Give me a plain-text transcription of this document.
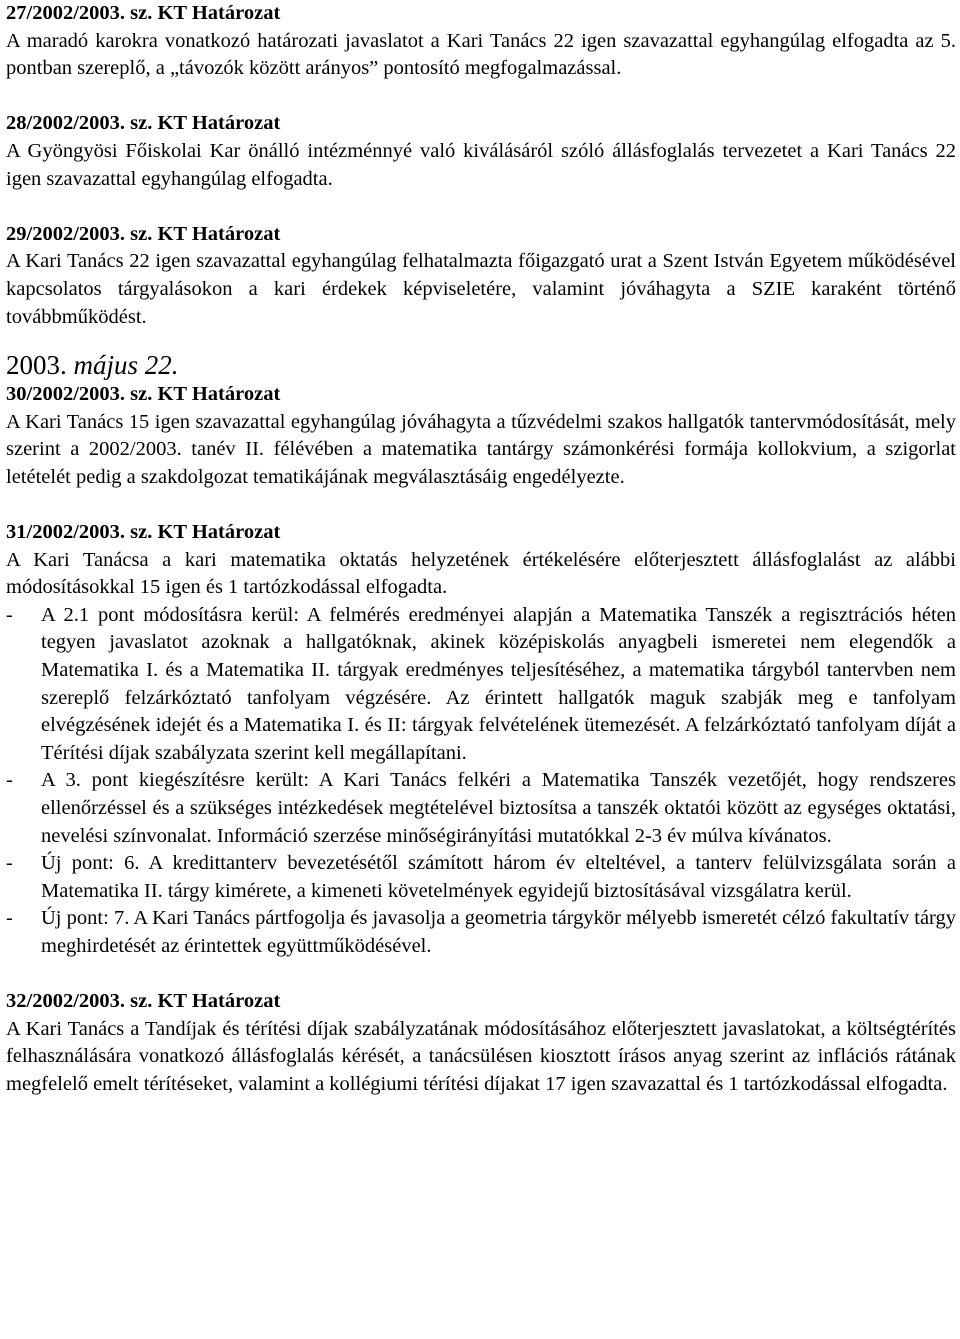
27/2002/2003. sz. KT Határozat
A maradó karokra vonatkozó határozati javaslatot a Kari Tanács 22 igen szavazattal egyhangúlag elfogadta az 5. pontban szereplő, a „távozók között arányos” pontosító megfogalmazással.
28/2002/2003. sz. KT Határozat
A Gyöngyösi Főiskolai Kar önálló intézménnyé való kiválásáról szóló állásfoglalás tervezetet a Kari Tanács 22 igen szavazattal egyhangúlag elfogadta.
29/2002/2003. sz. KT Határozat
A Kari Tanács 22 igen szavazattal egyhangúlag felhatalmazta főigazgató urat a Szent István Egyetem működésével kapcsolatos tárgyalásokon a kari érdekek képviseletére, valamint jóváhagyta a SZIE karaként történő továbbműködést.
2003. május 22.
30/2002/2003. sz. KT Határozat
A Kari Tanács 15 igen szavazattal egyhangúlag jóváhagyta a tűzvédelmi szakos hallgatók tantervmódosítását, mely szerint a 2002/2003. tanév II. félévében a matematika tantárgy számonkérési formája kollokvium, a szigorlat letételét pedig a szakdolgozat tematikájának megválasztásáig engedélyezte.
31/2002/2003. sz. KT Határozat
A Kari Tanácsa a kari matematika oktatás helyzetének értékelésére előterjesztett állásfoglalást az alábbi módosításokkal 15 igen és 1 tartózkodással elfogadta.
- A 2.1 pont módosításra kerül: A felmérés eredményei alapján a Matematika Tanszék a regisztrációs héten tegyen javaslatot azoknak a hallgatóknak, akinek középiskolás anyagbeli ismeretei nem elegendők a Matematika I. és a Matematika II. tárgyak eredményes teljesítéséhez, a matematika tárgyból tantervben nem szereplő felzárkóztató tanfolyam végzésére. Az érintett hallgatók maguk szabják meg e tanfolyam elvégzésének idejét és a Matematika I. és II: tárgyak felvételének ütemezését. A felzárkóztató tanfolyam díját a Térítési díjak szabályzata szerint kell megállapítani.
- A 3. pont kiegészítésre került: A Kari Tanács felkéri a Matematika Tanszék vezetőjét, hogy rendszeres ellenőrzéssel és a szükséges intézkedések megtételével biztosítsa a tanszék oktatói között az egységes oktatási, nevelési színvonalat. Információ szerzése minőségirányítási mutatókkal 2-3 év múlva kívánatos.
- Új pont: 6. A kredittanterv bevezetésétől számított három év elteltével, a tanterv felülvizsgálata során a Matematika II. tárgy kimérete, a kimeneti követelmények egyidejű biztosításával vizsgálatra kerül.
- Új pont: 7. A Kari Tanács pártfogolja és javasolja a geometria tárgykör mélyebb ismeretét célzó fakultatív tárgy meghirdetését az érintettek együttműködésével.
32/2002/2003. sz. KT Határozat
A Kari Tanács a Tandíjak és térítési díjak szabályzatának módosításához előterjesztett javaslatokat, a költségtérítés felhasználására vonatkozó állásfoglalás kérését, a tanácsülésen kiosztott írásos anyag szerint az inflációs rátának megfelelő emelt térítéseket, valamint a kollégiumi térítési díjakat 17 igen szavazattal és 1 tartózkodással elfogadta.
